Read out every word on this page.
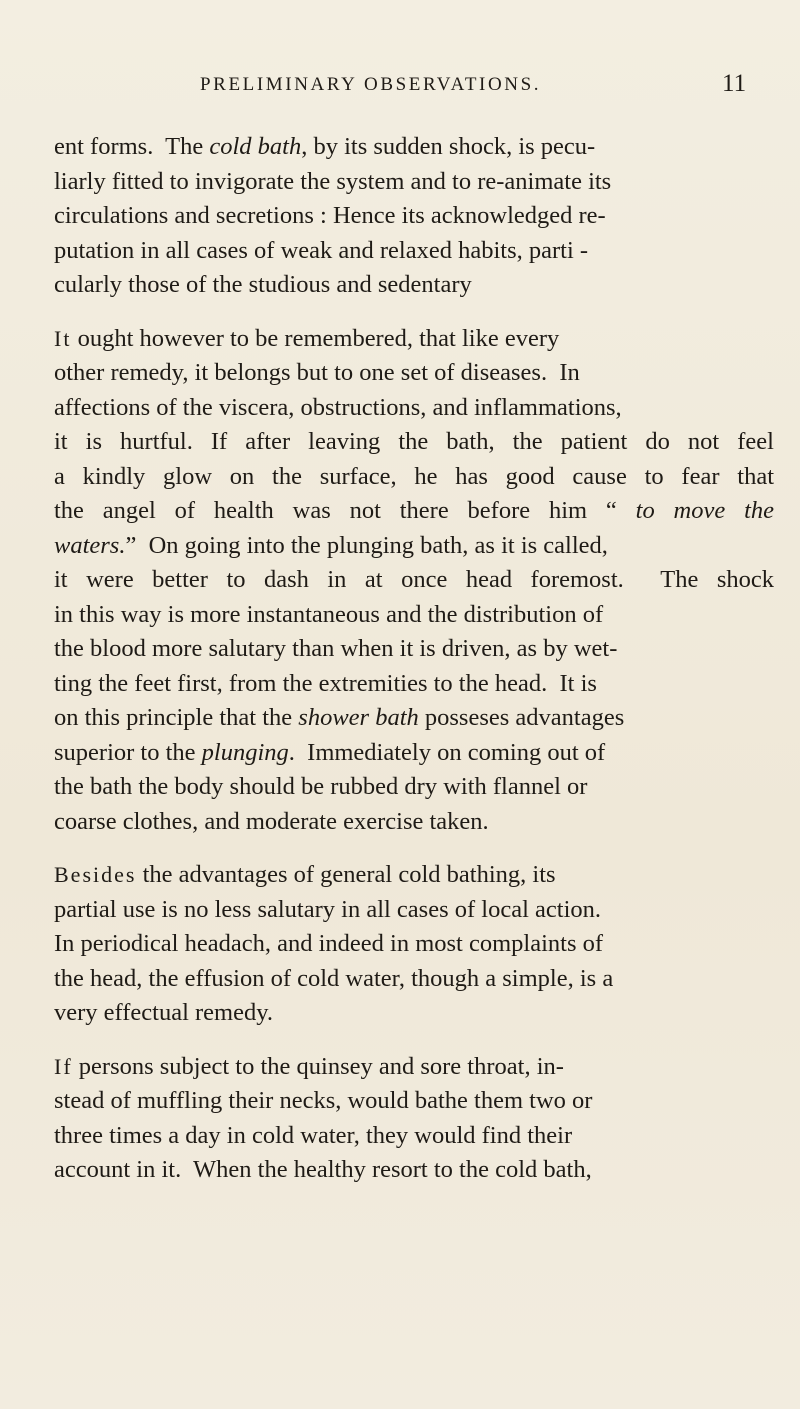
PRELIMINARY OBSERVATIONS.	11
ent forms.  The cold bath, by its sudden shock, is pecu-
liarly fitted to invigorate the system and to re-animate its
circulations and secretions : Hence its acknowledged re-
putation in all cases of weak and relaxed habits, parti -
cularly those of the studious and sedentary
It ought however to be remembered, that like every
other remedy, it belongs but to one set of diseases.  In
affections of the viscera, obstructions, and inflammations,
it is hurtful. If after leaving the bath, the patient do not feel
a kindly glow on the surface, he has good cause to fear that
the angel of health was not there before him “ to move the
waters.”  On going into the plunging bath, as it is called,
it were better to dash in at once head foremost.  The shock
in this way is more instantaneous and the distribution of
the blood more salutary than when it is driven, as by wet-
ting the feet first, from the extremities to the head.  It is
on this principle that the shower bath posseses advantages
superior to the plunging.  Immediately on coming out of
the bath the body should be rubbed dry with flannel or
coarse clothes, and moderate exercise taken.
Besides the advantages of general cold bathing, its
partial use is no less salutary in all cases of local action.
In periodical headach, and indeed in most complaints of
the head, the effusion of cold water, though a simple, is a
very effectual remedy.
If persons subject to the quinsey and sore throat, in-
stead of muffling their necks, would bathe them two or
three times a day in cold water, they would find their
account in it.  When the healthy resort to the cold bath,
